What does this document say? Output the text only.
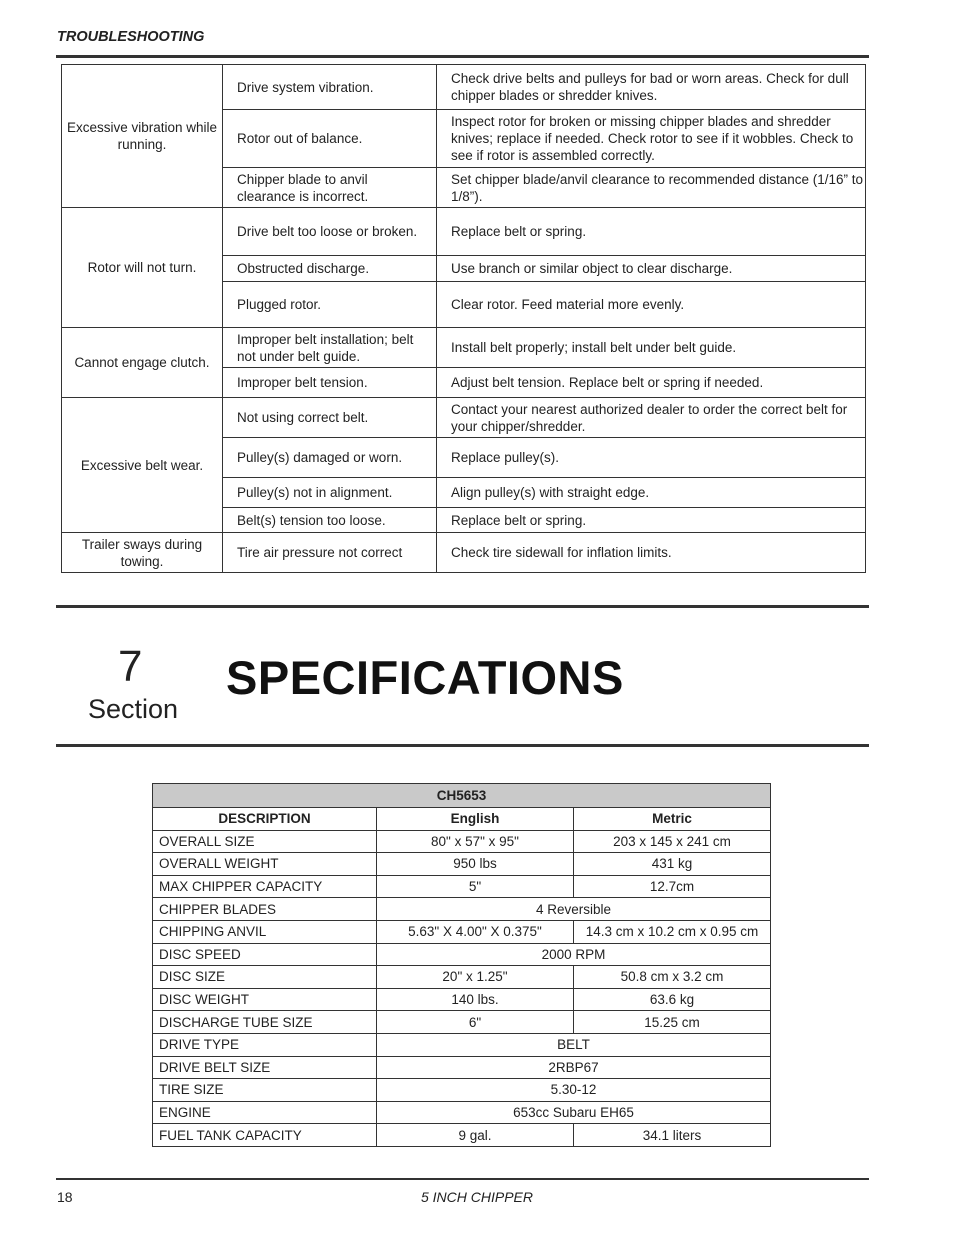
TROUBLESHOOTING
Excessive vibration while running.	Drive system vibration.	Check drive belts and pulleys for bad or worn areas. Check for dull chipper blades or shredder knives.
	Rotor out of balance.	Inspect rotor for broken or missing chipper blades and shredder knives; replace if needed. Check rotor to see if it wobbles. Check to see if rotor is assembled correctly.
	Chipper blade to anvil clearance is incorrect.	Set chipper blade/anvil clearance to recommended distance (1/16” to 1/8”).
Rotor will not turn.	Drive belt too loose or broken.	Replace belt or spring.
	Obstructed discharge.	Use branch or similar object to clear discharge.
	Plugged rotor.	Clear rotor. Feed material more evenly.
Cannot engage clutch.	Improper belt installation; belt not under belt guide.	Install belt properly; install belt under belt guide.
	Improper belt tension.	Adjust belt tension. Replace belt or spring if needed.
Excessive belt wear.	Not using correct belt.	Contact your nearest authorized dealer to order the correct belt for your chipper/shredder.
	Pulley(s) damaged or worn.	Replace pulley(s).
	Pulley(s) not in alignment.	Align pulley(s) with straight edge.
	Belt(s) tension too loose.	Replace belt or spring.
Trailer sways during towing.	Tire air pressure not correct	Check tire sidewall for inflation limits.
7
Section
SPECIFICATIONS
CH5653		
DESCRIPTION	English	Metric
OVERALL SIZE	80" x 57" x 95"	203 x 145 x 241 cm
OVERALL WEIGHT	950 lbs	431 kg
MAX CHIPPER CAPACITY	5"	12.7cm
CHIPPER BLADES	4 Reversible	
CHIPPING ANVIL	5.63" X 4.00" X 0.375"	14.3 cm x 10.2 cm x 0.95 cm
DISC SPEED	2000 RPM	
DISC SIZE	20" x 1.25"	50.8 cm x 3.2 cm
DISC WEIGHT	140 lbs.	63.6 kg
DISCHARGE TUBE SIZE	6"	15.25 cm
DRIVE TYPE	BELT	
DRIVE BELT SIZE	2RBP67	
TIRE SIZE	5.30-12	
ENGINE	653cc Subaru EH65	
FUEL TANK CAPACITY	9 gal.	34.1 liters
18	5 INCH CHIPPER
